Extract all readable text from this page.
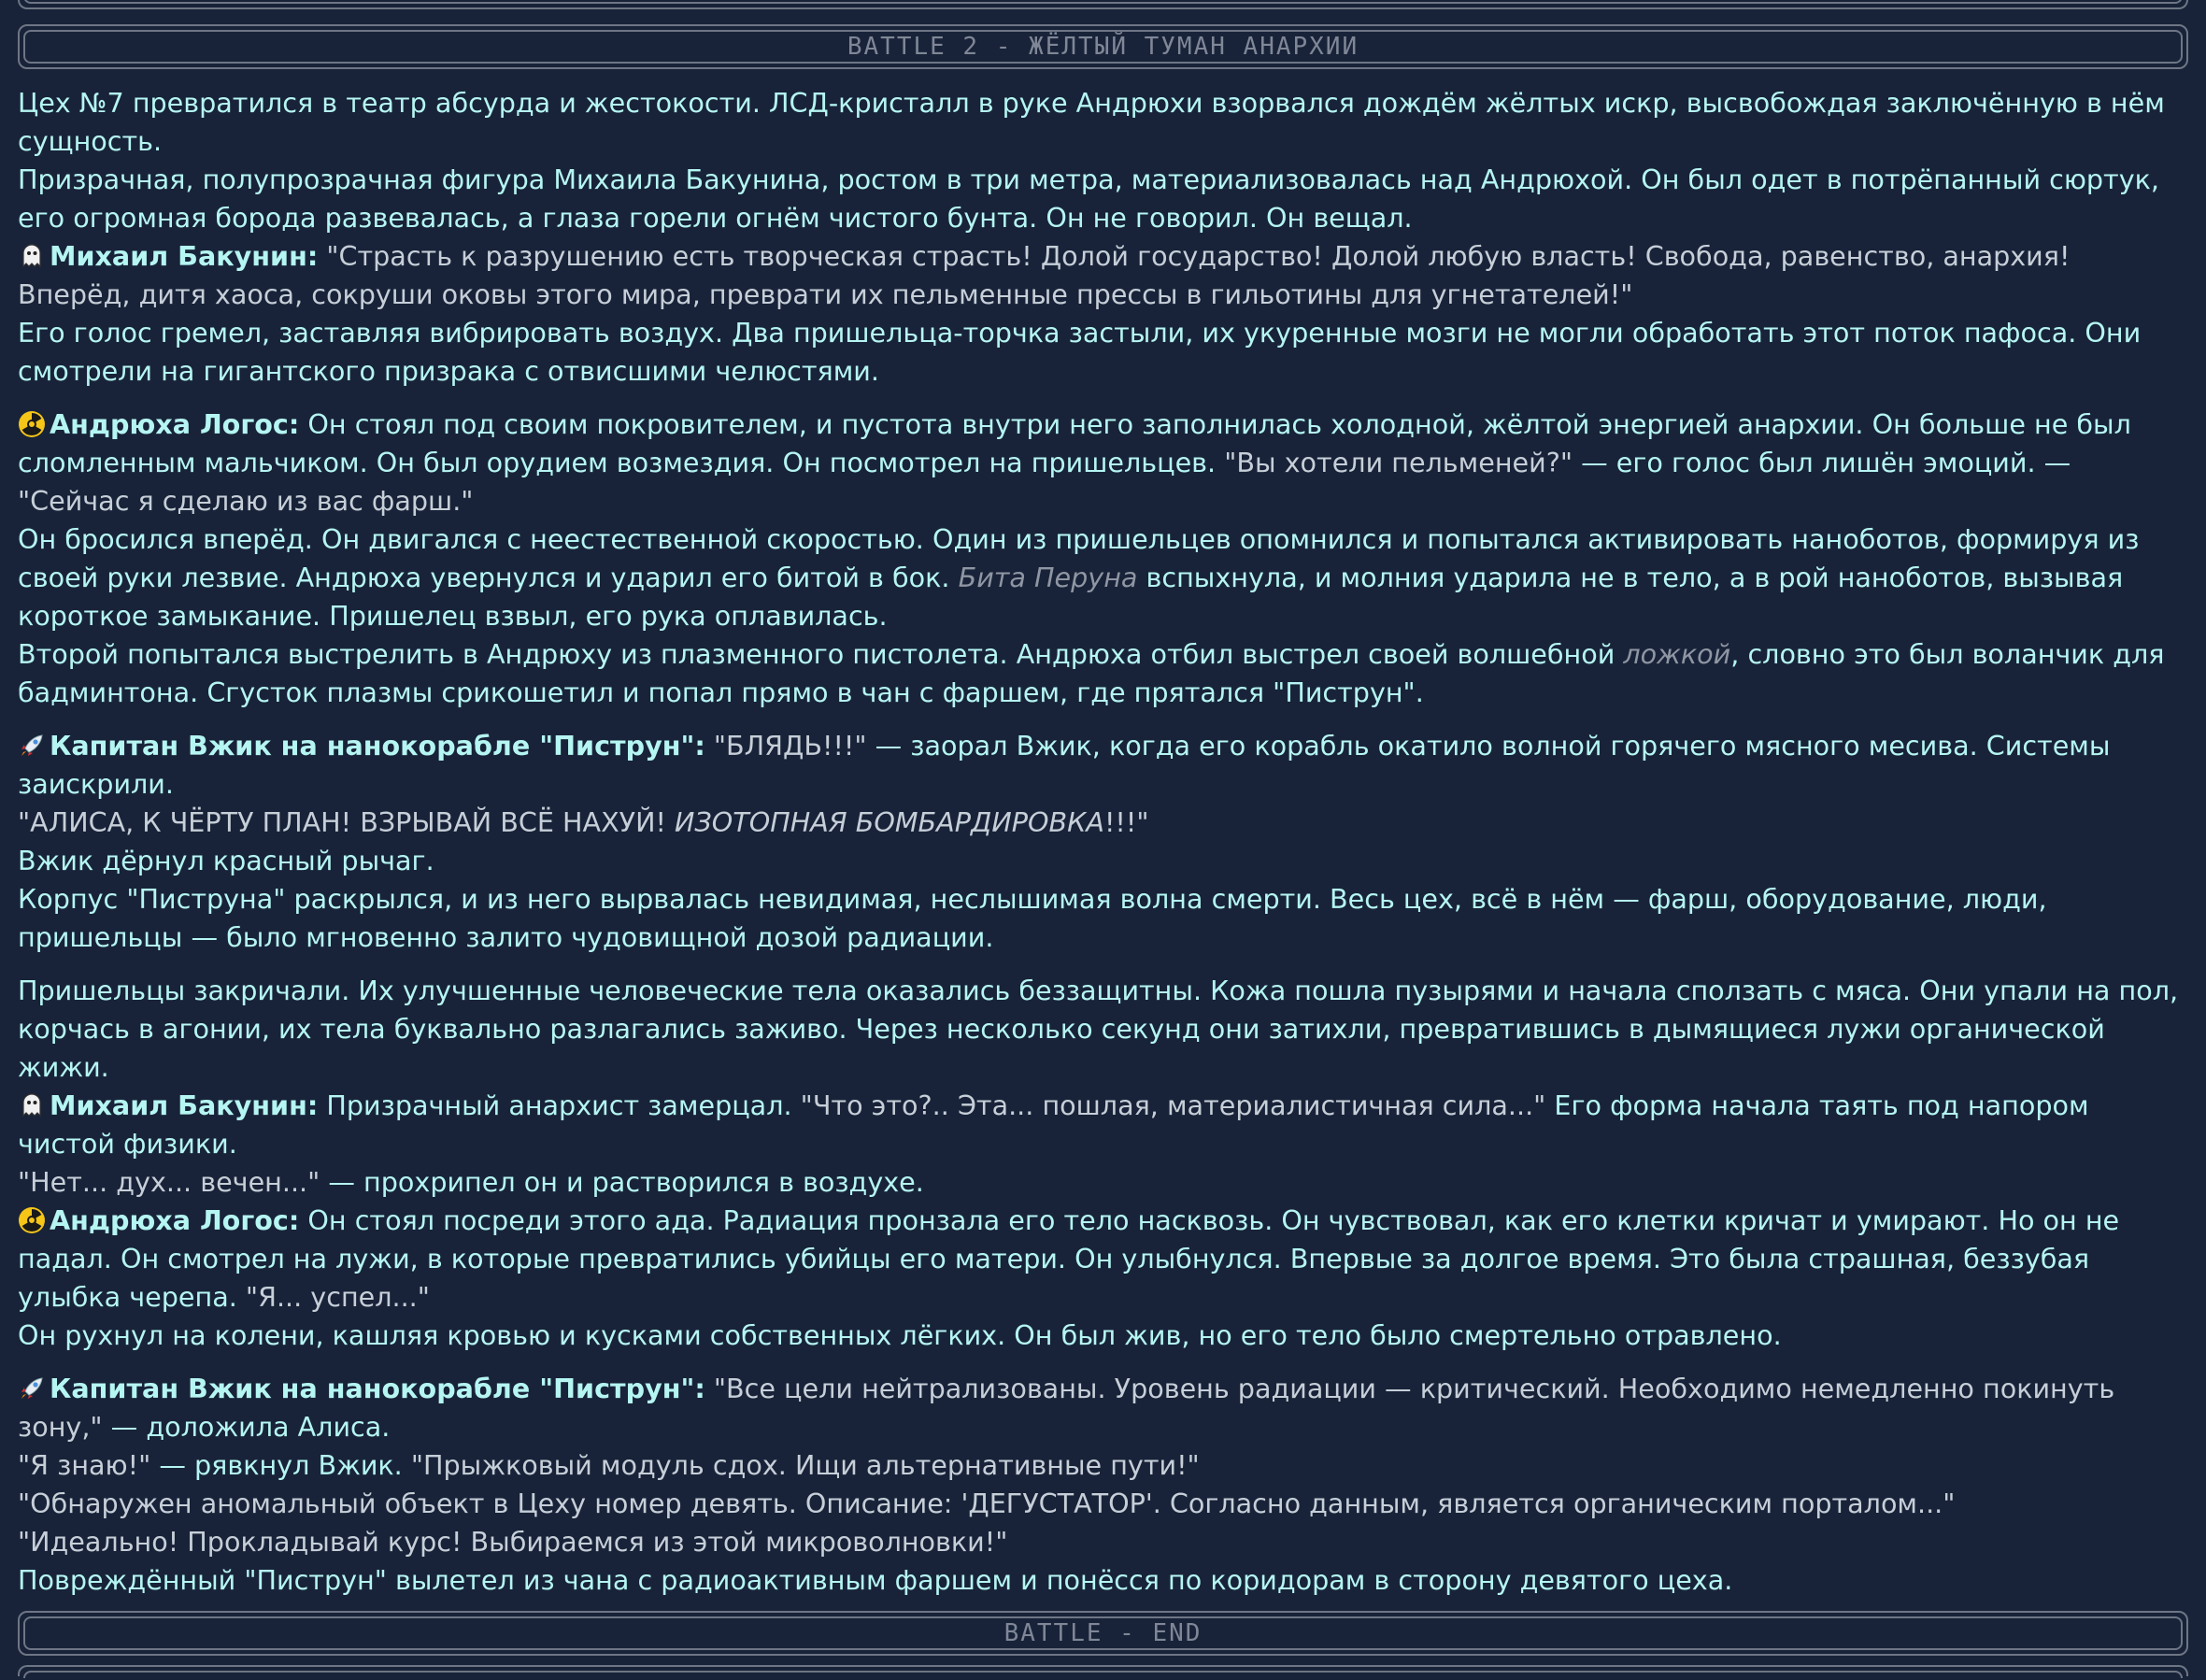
BATTLE 2 - ЖЁЛТЫЙ ТУМАН АНАРХИИ

Цех №7 превратился в театр абсурда и жестокости. ЛСД-кристалл в руке Андрюхи взорвался дождём жёлтых искр, высвобождая заключённую в нём сущность.

Призрачная, полупрозрачная фигура Михаила Бакунина, ростом в три метра, материализовалась над Андрюхой. Он был одет в потрёпанный сюртук, его огромная борода развевалась, а глаза горели огнём чистого бунта. Он не говорил. Он вещал.

Михаил Бакунин: "Страсть к разрушению есть творческая страсть! Долой государство! Долой любую власть! Свобода, равенство, анархия! Вперёд, дитя хаоса, сокруши оковы этого мира, преврати их пельменные прессы в гильотины для угнетателей!"

Его голос гремел, заставляя вибрировать воздух. Два пришельца-торчка застыли, их укуренные мозги не могли обработать этот поток пафоса. Они смотрели на гигантского призрака с отвисшими челюстями.

Андрюха Логос: Он стоял под своим покровителем, и пустота внутри него заполнилась холодной, жёлтой энергией анархии. Он больше не был сломленным мальчиком. Он был орудием возмездия. Он посмотрел на пришельцев. "Вы хотели пельменей?" — его голос был лишён эмоций. — "Сейчас я сделаю из вас фарш."

Он бросился вперёд. Он двигался с неестественной скоростью. Один из пришельцев опомнился и попытался активировать наноботов, формируя из своей руки лезвие. Андрюха увернулся и ударил его битой в бок. Бита Перуна вспыхнула, и молния ударила не в тело, а в рой наноботов, вызывая короткое замыкание. Пришелец взвыл, его рука оплавилась.

Второй попытался выстрелить в Андрюху из плазменного пистолета. Андрюха отбил выстрел своей волшебной ложкой, словно это был воланчик для бадминтона. Сгусток плазмы срикошетил и попал прямо в чан с фаршем, где прятался "Пиструн".

Капитан Вжик на нанокорабле "Пиструн": "БЛЯДЬ!!!" — заорал Вжик, когда его корабль окатило волной горячего мясного месива. Системы заискрили.

"АЛИСА, К ЧЁРТУ ПЛАН! ВЗРЫВАЙ ВСЁ НАХУЙ! ИЗОТОПНАЯ БОМБАРДИРОВКА!!!"

Вжик дёрнул красный рычаг.

Корпус "Пиструна" раскрылся, и из него вырвалась невидимая, неслышимая волна смерти. Весь цех, всё в нём — фарш, оборудование, люди, пришельцы — было мгновенно залито чудовищной дозой радиации.

Пришельцы закричали. Их улучшенные человеческие тела оказались беззащитны. Кожа пошла пузырями и начала сползать с мяса. Они упали на пол, корчась в агонии, их тела буквально разлагались заживо. Через несколько секунд они затихли, превратившись в дымящиеся лужи органической жижи.

Михаил Бакунин: Призрачный анархист замерцал. "Что это?.. Эта... пошлая, материалистичная сила..." Его форма начала таять под напором чистой физики.

"Нет... дух... вечен..." — прохрипел он и растворился в воздухе.

Андрюха Логос: Он стоял посреди этого ада. Радиация пронзала его тело насквозь. Он чувствовал, как его клетки кричат и умирают. Но он не падал. Он смотрел на лужи, в которые превратились убийцы его матери. Он улыбнулся. Впервые за долгое время. Это была страшная, беззубая улыбка черепа. "Я... успел..."

Он рухнул на колени, кашляя кровью и кусками собственных лёгких. Он был жив, но его тело было смертельно отравлено.

Капитан Вжик на нанокорабле "Пиструн": "Все цели нейтрализованы. Уровень радиации — критический. Необходимо немедленно покинуть зону," — доложила Алиса.

"Я знаю!" — рявкнул Вжик. "Прыжковый модуль сдох. Ищи альтернативные пути!"

"Обнаружен аномальный объект в Цеху номер девять. Описание: 'ДЕГУСТАТОР'. Согласно данным, является органическим порталом..."

"Идеально! Прокладывай курс! Выбираемся из этой микроволновки!"

Повреждённый "Пиструн" вылетел из чана с радиоактивным фаршем и понёсся по коридорам в сторону девятого цеха.

BATTLE - END
